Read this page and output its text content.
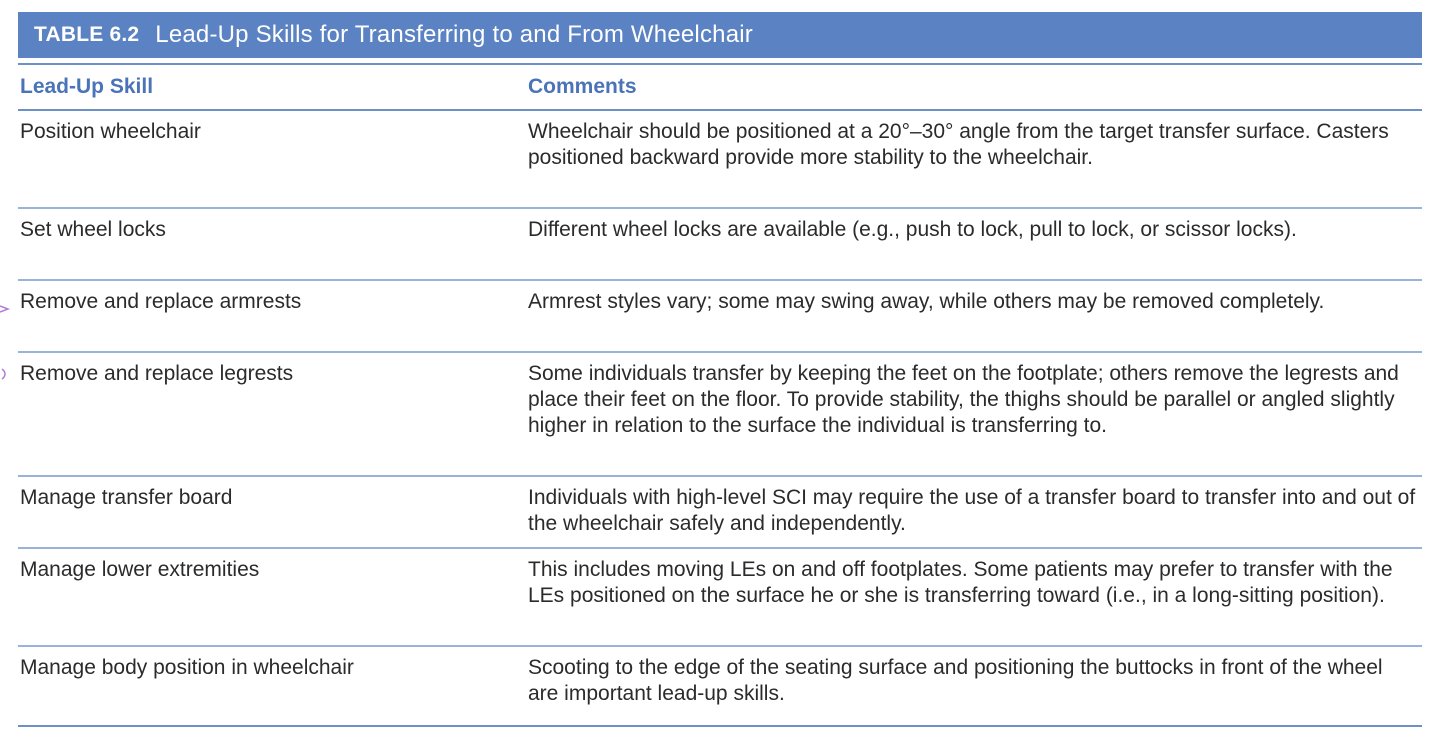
TABLE 6.2 Lead-Up Skills for Transferring to and From Wheelchair
Lead-Up Skill	Comments
Position wheelchair	Wheelchair should be positioned at a 20°–30° angle from the target transfer surface. Casters positioned backward provide more stability to the wheelchair.
Set wheel locks	Different wheel locks are available (e.g., push to lock, pull to lock, or scissor locks).
Remove and replace armrests	Armrest styles vary; some may swing away, while others may be removed completely.
Remove and replace legrests	Some individuals transfer by keeping the feet on the footplate; others remove the legrests and place their feet on the floor. To provide stability, the thighs should be parallel or angled slightly higher in relation to the surface the individual is transferring to.
Manage transfer board	Individuals with high-level SCI may require the use of a transfer board to transfer into and out of the wheelchair safely and independently.
Manage lower extremities	This includes moving LEs on and off footplates. Some patients may prefer to transfer with the LEs positioned on the surface he or she is transferring toward (i.e., in a long-sitting position).
Manage body position in wheelchair	Scooting to the edge of the seating surface and positioning the buttocks in front of the wheel are important lead-up skills.
